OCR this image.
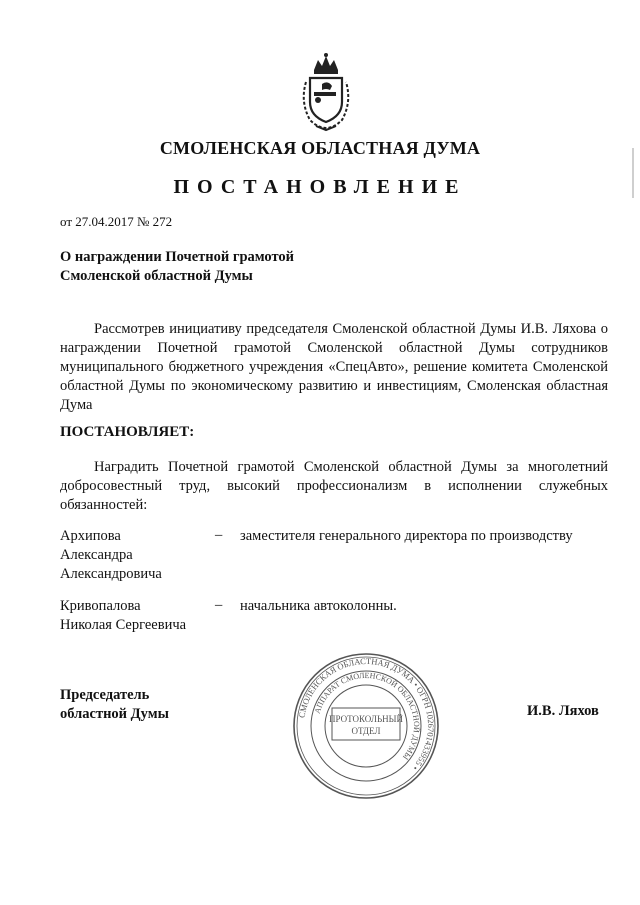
СМОЛЕНСКАЯ ОБЛАСТНАЯ ДУМА
ПОСТАНОВЛЕНИЕ
от 27.04.2017 № 272
О награждении Почетной грамотой
Смоленской областной Думы
Рассмотрев инициативу председателя Смоленской областной Думы И.В. Ляхова о награждении Почетной грамотой Смоленской областной Думы сотрудников муниципального бюджетного учреждения «СпецАвто», решение комитета Смоленской областной Думы по экономическому развитию и инвестициям, Смоленская областная Дума
ПОСТАНОВЛЯЕТ:
Наградить Почетной грамотой Смоленской областной Думы за многолетний добросовестный труд, высокий профессионализм в исполнении служебных обязанностей:
Архипова
Александра
Александровича
– заместителя генерального директора по производству
Кривопалова
Николая Сергеевича
– начальника автоколонны.
Председатель
областной Думы	И.В. Ляхов
СМОЛЕНСКАЯ ОБЛАСТНАЯ ДУМА • ОГРН 1026701433955 •
АППАРАТ СМОЛЕНСКОЙ ОБЛАСТНОЙ ДУМЫ
ПРОТОКОЛЬНЫЙ
ОТДЕЛ
